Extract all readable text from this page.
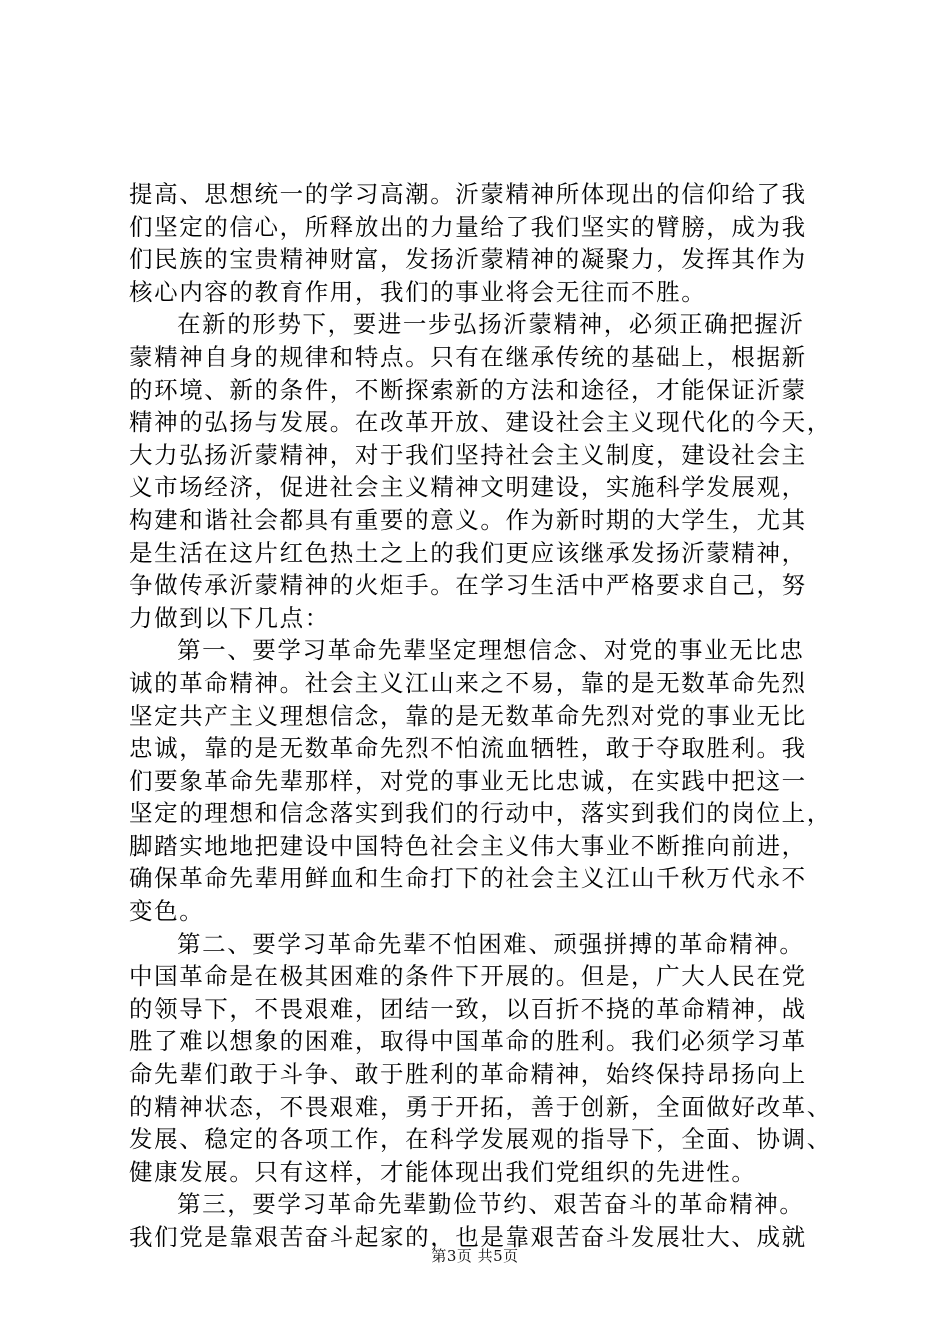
提高、思想统一的学习高潮。沂蒙精神所体现出的信仰给了我
们坚定的信心，所释放出的力量给了我们坚实的臂膀，成为我
们民族的宝贵精神财富，发扬沂蒙精神的凝聚力，发挥其作为
核心内容的教育作用，我们的事业将会无往而不胜。
在新的形势下，要进一步弘扬沂蒙精神，必须正确把握沂
蒙精神自身的规律和特点。只有在继承传统的基础上，根据新
的环境、新的条件，不断探索新的方法和途径，才能保证沂蒙
精神的弘扬与发展。在改革开放、建设社会主义现代化的今天，
大力弘扬沂蒙精神，对于我们坚持社会主义制度，建设社会主
义市场经济，促进社会主义精神文明建设，实施科学发展观，
构建和谐社会都具有重要的意义。作为新时期的大学生，尤其
是生活在这片红色热土之上的我们更应该继承发扬沂蒙精神，
争做传承沂蒙精神的火炬手。在学习生活中严格要求自己，努
力做到以下几点：
第一、要学习革命先辈坚定理想信念、对党的事业无比忠
诚的革命精神。社会主义江山来之不易，靠的是无数革命先烈
坚定共产主义理想信念，靠的是无数革命先烈对党的事业无比
忠诚，靠的是无数革命先烈不怕流血牺牲，敢于夺取胜利。我
们要象革命先辈那样，对党的事业无比忠诚，在实践中把这一
坚定的理想和信念落实到我们的行动中，落实到我们的岗位上，
脚踏实地地把建设中国特色社会主义伟大事业不断推向前进，
确保革命先辈用鲜血和生命打下的社会主义江山千秋万代永不
变色。
第二、要学习革命先辈不怕困难、顽强拼搏的革命精神。
中国革命是在极其困难的条件下开展的。但是，广大人民在党
的领导下，不畏艰难，团结一致，以百折不挠的革命精神，战
胜了难以想象的困难，取得中国革命的胜利。我们必须学习革
命先辈们敢于斗争、敢于胜利的革命精神，始终保持昂扬向上
的精神状态，不畏艰难，勇于开拓，善于创新，全面做好改革、
发展、稳定的各项工作，在科学发展观的指导下，全面、协调、
健康发展。只有这样，才能体现出我们党组织的先进性。
第三，要学习革命先辈勤俭节约、艰苦奋斗的革命精神。
我们党是靠艰苦奋斗起家的，也是靠艰苦奋斗发展壮大、成就
第3页 共5页
